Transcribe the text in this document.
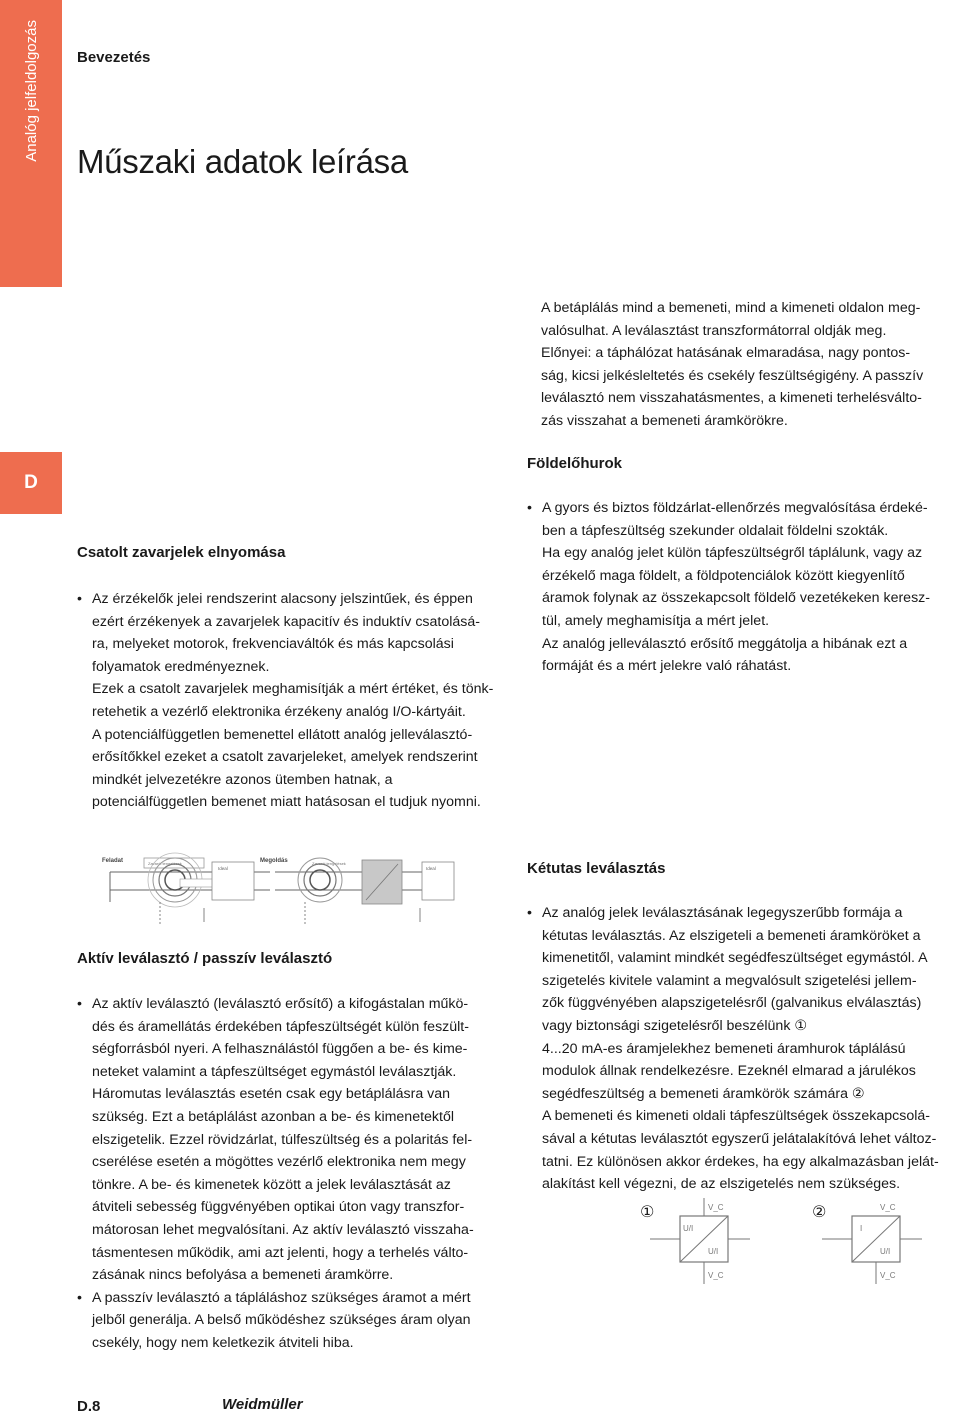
Analóg jelfeldolgozás
D
Bevezetés
Műszaki adatok leírása

A betáplálás mind a bemeneti, mind a kimeneti oldalon meg-

valósulhat. A leválasztást transzformátorral oldják meg.

Előnyei: a táphálózat hatásának elmaradása, nagy pontos-

ság, kicsi jelkésleltetés és csekély feszültségigény. A passzív

leválasztó nem visszahatásmentes, a kimeneti terhelésválto-

zás visszahat a bemeneti áramkörökre.

Földelőhurok

• A gyors és biztos földzárlat-ellenőrzés megvalósítása érdeké-

ben a tápfeszültség szekunder oldalait földelni szokták.

Ha egy analóg jelet külön tápfeszültségről táplálunk, vagy az

érzékelő maga földelt, a földpotenciálok között kiegyenlítő

áramok folynak az összekapcsolt földelő vezetékeken keresz-

tül, amely meghamisítja a mért jelet.

Az analóg jelleválasztó erősítő meggátolja a hibának ezt a

formáját és a mért jelekre való ráhatást.

Csatolt zavarjelek elnyomása

• Az érzékelők jelei rendszerint alacsony jelszintűek, és éppen

ezért érzékenyek a zavarjelek kapacitív és induktív csatolásá-

ra, melyeket motorok, frekvenciaváltók és más kapcsolási

folyamatok eredményeznek.

Ezek a csatolt zavarjelek meghamisítják a mért értéket, és tönk-

retehetik a vezérlő elektronika érzékeny analóg I/O-kártyáit.

A potenciálfüggetlen bemenettel ellátott analóg jelleválasztó-

erősítőkkel ezeket a csatolt zavarjeleket, amelyek rendszerint

mindkét jelvezetékre azonos ütemben hatnak, a

potenciálfüggetlen bemenet miatt hatásosan el tudjuk nyomni.

Feladat	Zavarói tengelések
Ideal
Megoldás	Zavarói tengelések
Ideal
Aktív leválasztó / passzív leválasztó

• Az aktív leválasztó (leválasztó erősítő) a kifogástalan műkö-

dés és áramellátás érdekében tápfeszültségét külön feszült-

ségforrásból nyeri. A felhasználástól függően a be- és kime-

neteket valamint a tápfeszültséget egymástól leválasztják.

Háromutas leválasztás esetén csak egy betáplálásra van

szükség. Ezt a betáplálást azonban a be- és kimenetektől

elszigetelik. Ezzel rövidzárlat, túlfeszültség és a polaritás fel-

cserélése esetén a mögöttes vezérlő elektronika nem megy

tönkre. A be- és kimenetek között a jelek leválasztását az

átviteli sebesség függvényében optikai úton vagy transzfor-

mátorosan lehet megvalósítani. Az aktív leválasztó visszaha-

tásmentesen működik, ami azt jelenti, hogy a terhelés válto-

zásának nincs befolyása a bemeneti áramkörre.

• A passzív leválasztó a tápláláshoz szükséges áramot a mért

jelből generálja. A belső működéshez szükséges áram olyan

csekély, hogy nem keletkezik átviteli hiba.

Kétutas leválasztás

• Az analóg jelek leválasztásának legegyszerűbb formája a

kétutas leválasztás. Az elszigeteli a bemeneti áramköröket a

kimenetitől, valamint mindkét segédfeszültséget egymástól. A

szigetelés kivitele valamint a megvalósult szigetelési jellem-

zők függvényében alapszigetelésről (galvanikus elválasztás)

vagy biztonsági szigetelésről beszélünk ①

4...20 mA-es áramjelekhez bemeneti áramhurok táplálású

modulok állnak rendelkezésre. Ezeknél elmarad a járulékos

segédfeszültség a bemeneti áramkörök számára ②

A bemeneti és kimeneti oldali tápfeszültségek összekapcsolá-

sával a kétutas leválasztót egyszerű jelátalakítóvá lehet változ-

tatni. Ez különösen akkor érdekes, ha egy alkalmazásban jelát-

alakítást kell végezni, de az elszigetelés nem szükséges.

①	②
V_C
U/I
U/I
V_C
V_C
I
U/I
V_C
D.8	Weidmüller
